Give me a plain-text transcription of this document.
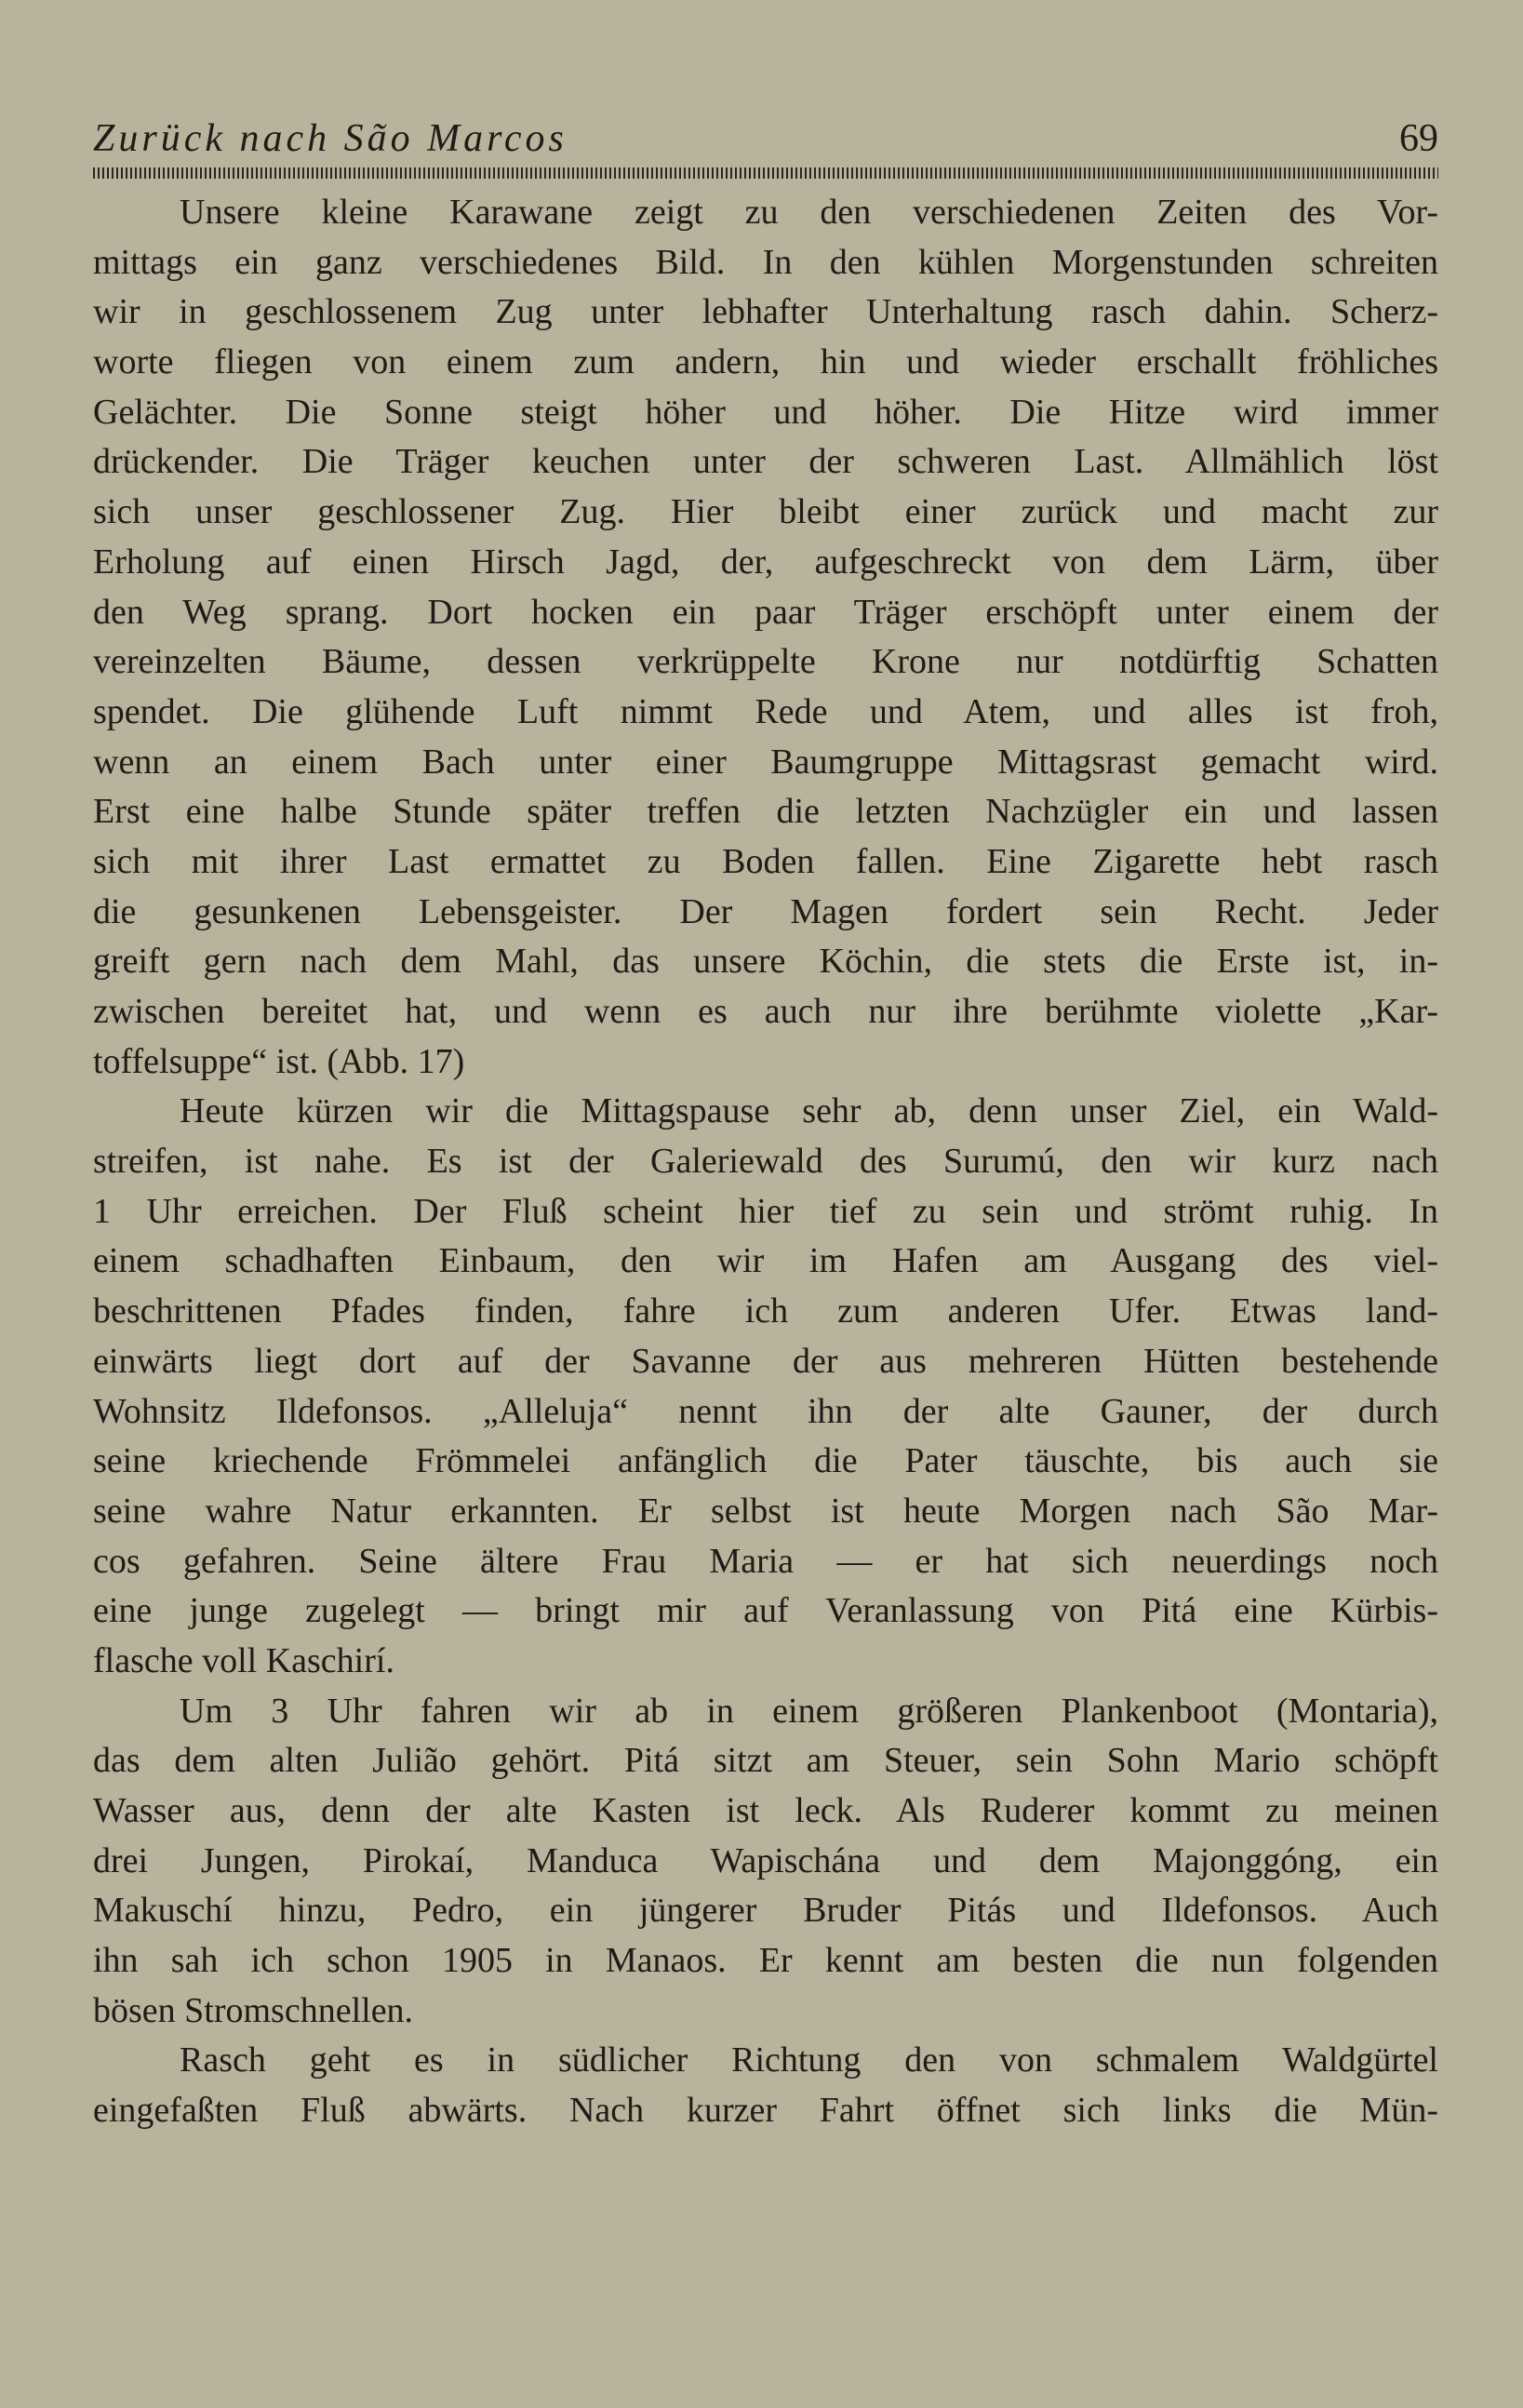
Zurück nach São Marcos	69
Unsere kleine Karawane zeigt zu den verschiedenen Zeiten des Vor-
mittags ein ganz verschiedenes Bild. In den kühlen Morgenstunden schreiten
wir in geschlossenem Zug unter lebhafter Unterhaltung rasch dahin. Scherz-
worte fliegen von einem zum andern, hin und wieder erschallt fröhliches
Gelächter. Die Sonne steigt höher und höher. Die Hitze wird immer
drückender. Die Träger keuchen unter der schweren Last. Allmählich löst
sich unser geschlossener Zug. Hier bleibt einer zurück und macht zur
Erholung auf einen Hirsch Jagd, der, aufgeschreckt von dem Lärm, über
den Weg sprang. Dort hocken ein paar Träger erschöpft unter einem der
vereinzelten Bäume, dessen verkrüppelte Krone nur notdürftig Schatten
spendet. Die glühende Luft nimmt Rede und Atem, und alles ist froh,
wenn an einem Bach unter einer Baumgruppe Mittagsrast gemacht wird.
Erst eine halbe Stunde später treffen die letzten Nachzügler ein und lassen
sich mit ihrer Last ermattet zu Boden fallen. Eine Zigarette hebt rasch
die gesunkenen Lebensgeister. Der Magen fordert sein Recht. Jeder
greift gern nach dem Mahl, das unsere Köchin, die stets die Erste ist, in-
zwischen bereitet hat, und wenn es auch nur ihre berühmte violette „Kar-
toffelsuppe“ ist. (Abb. 17)
Heute kürzen wir die Mittagspause sehr ab, denn unser Ziel, ein Wald-
streifen, ist nahe. Es ist der Galeriewald des Surumú, den wir kurz nach
1 Uhr erreichen. Der Fluß scheint hier tief zu sein und strömt ruhig. In
einem schadhaften Einbaum, den wir im Hafen am Ausgang des viel-
beschrittenen Pfades finden, fahre ich zum anderen Ufer. Etwas land-
einwärts liegt dort auf der Savanne der aus mehreren Hütten bestehende
Wohnsitz Ildefonsos. „Alleluja“ nennt ihn der alte Gauner, der durch
seine kriechende Frömmelei anfänglich die Pater täuschte, bis auch sie
seine wahre Natur erkannten. Er selbst ist heute Morgen nach São Mar-
cos gefahren. Seine ältere Frau Maria — er hat sich neuerdings noch
eine junge zugelegt — bringt mir auf Veranlassung von Pitá eine Kürbis-
flasche voll Kaschirí.
Um 3 Uhr fahren wir ab in einem größeren Plankenboot (Montaria),
das dem alten Julião gehört. Pitá sitzt am Steuer, sein Sohn Mario schöpft
Wasser aus, denn der alte Kasten ist leck. Als Ruderer kommt zu meinen
drei Jungen, Pirokaí, Manduca Wapischána und dem Majonggóng, ein
Makuschí hinzu, Pedro, ein jüngerer Bruder Pitás und Ildefonsos. Auch
ihn sah ich schon 1905 in Manaos. Er kennt am besten die nun folgenden
bösen Stromschnellen.
Rasch geht es in südlicher Richtung den von schmalem Waldgürtel
eingefaßten Fluß abwärts. Nach kurzer Fahrt öffnet sich links die Mün-
